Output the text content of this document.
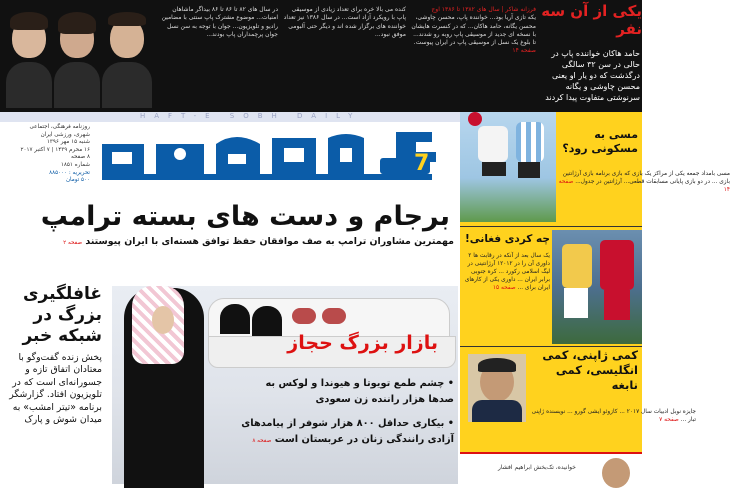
در سال های ۸۲ تا ۸۶ تا ۸۶ بیداگر ماشاهان امنیات... موضوع مشترک پاپ سنتی با مضامین رادیو و تلویزیون... جوان با توجه به سن نسل جوان پرچمداران پاپ بودند...
کنده می بالا خره برای تعداد زیادی از موسیقی پاپ با رویکرد آزاد است... در سال ۱۳۸۶ نیز تعداد خواننده های برگزار شده اند و دیگر حتی آلبومی موفق نبود...
فرزانه شاکر | سال های ۱۳۸۲ تا ۱۳۸۶ اوج
یکه تازی آریا بود... خواننده پاپ، محسن چاوشی، محسن یگانه، حامد هاکان... که در کنسرت هایشان با نسخه ای جدید از موسیقی پاپ روبه رو شدند... تا بلوغ یک نسل از موسیقی پاپ در ایران پیوست. صفحه ۱۴
یکی از آن سه نفر
حامد هاکان خواننده پاپ در حالی در سن ۳۲ سالگی درگذشت که دو یار او یعنی محسن چاوشی و یگانه سرنوشتی متفاوت پیدا کردند
HAFT-E SOBH DAILY
7
روزنامه فرهنگی، اجتماعی
شهری، ورزشی ایران
شنبه ۱۵ مهر ۱۳۹۶
۱۶ محرم ۱۴۳۹ | ۷ اکتبر ۲۰۱۷
۸ صفحه
شماره ۱۸۵۱
تحریریه : ۸۸۵۰۰۰
۵۰۰ تومان
مسی به مسکونی رود؟
مسی بامداد جمعه یکی از مراکز یک بازی که بازی برنامه بازی آرژانتین بازی ... در دو بازی پایانی مسابقات قطعی... آرژانتین در جدول... صفحه ۱۴
چه کردی فغانی!
یک سال بعد از آنکه در رقابت ها ۲ داوری آن را در ۱۲۰۱۲ آرژانتینی در لیگ اسلامی رکورد ... کره جنوبی برابر ایران ... داوری یکی از کارهای ایران برای ... صفحه ۱۵
کمی ژاپنی، کمی انگلیسی، کمی نابغه
جایزه نوبل ادبیات سال ۲۰۱۷ ... کازوئو ایشی گورو ... نویسنده ژاپنی تبار ... صفحه ۷
خوانیده، تک‌بخش ابراهیم افشار
برجام و دست های بسته ترامپ
مهمترین مشاوران ترامپ به صف موافقان حفظ توافق هسته‌ای با ایران پیوستند صفحه ۲
غافلگیری بزرگ در شبکه خبر
پخش زنده گفت‌وگو با معتادان اتفاق تازه و جسورانه‌ای است که در تلویزیون افتاد. گزارشگر برنامه «تیتر امشب» به میدان شوش و پارک
بازار بزرگ حجاز
• چشم طمع تویوتا و هیوندا و لوکس به
صدها هزار راننده زن سعودی
• بیکاری حداقل ۸۰۰ هزار شوفر از پیامدهای
آزادی رانندگی زنان در عربستان است صفحه ۸
